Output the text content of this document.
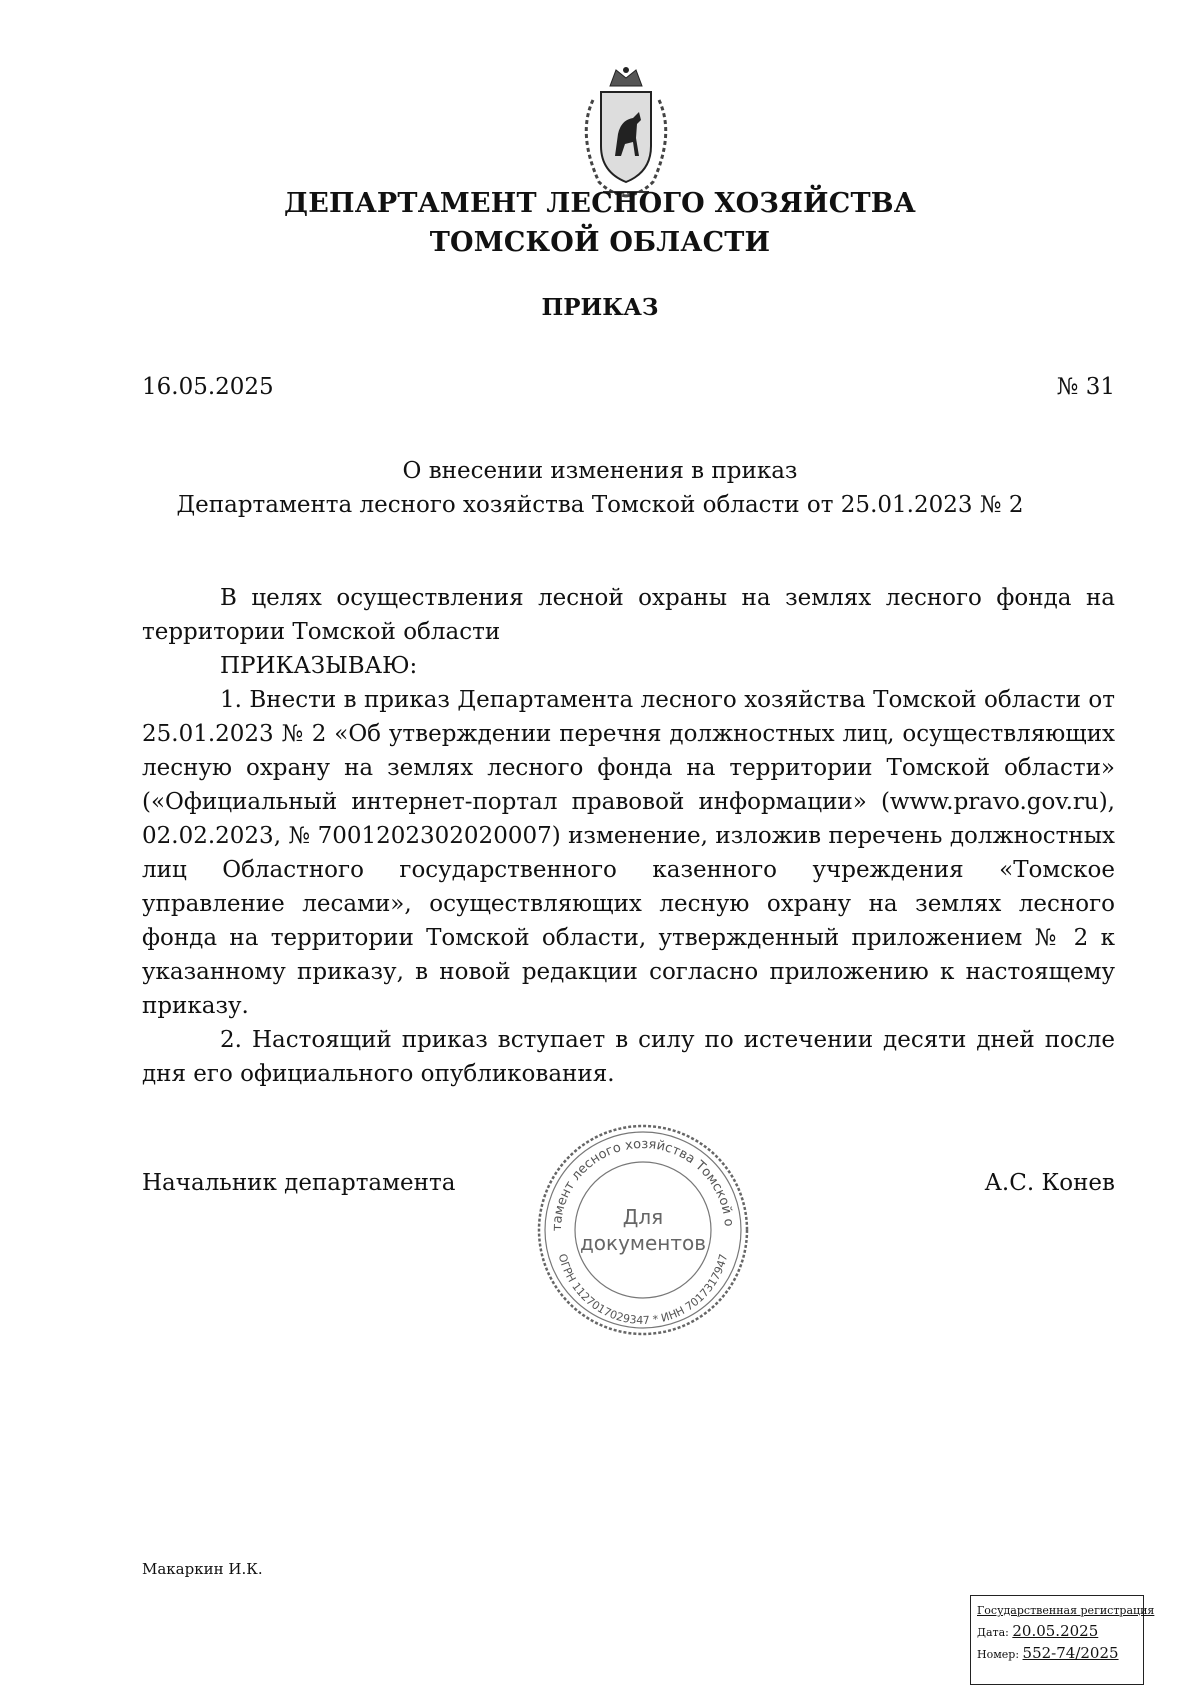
ДЕПАРТАМЕНТ ЛЕСНОГО ХОЗЯЙСТВА
ТОМСКОЙ ОБЛАСТИ
ПРИКАЗ
16.05.2025	№ 31
О внесении изменения в приказ
Департамента лесного хозяйства Томской области от 25.01.2023 № 2

В целях осуществления лесной охраны на землях лесного фонда на территории Томской области

ПРИКАЗЫВАЮ:

1. Внести в приказ Департамента лесного хозяйства Томской области от 25.01.2023 № 2 «Об утверждении перечня должностных лиц, осуществляющих лесную охрану на землях лесного фонда на территории Томской области» («Официальный интернет-портал правовой информации» (www.pravo.gov.ru), 02.02.2023, № 7001202302020007) изменение, изложив перечень должностных лиц Областного государственного казенного учреждения «Томское управление лесами», осуществляющих лесную охрану на землях лесного фонда на территории Томской области, утвержденный приложением № 2 к указанному приказу, в новой редакции согласно приложению к настоящему приказу.

2. Настоящий приказ вступает в силу по истечении десяти дней после дня его официального опубликования.

Начальник департамента	А.С. Конев
тамент лесного хозяйства Томской о
ОГРН 1127017029347 * ИНН 7017317947
Для
документов
Макаркин И.К.
Государственная регистрация
Дата: 20.05.2025
Номер: 552-74/2025
